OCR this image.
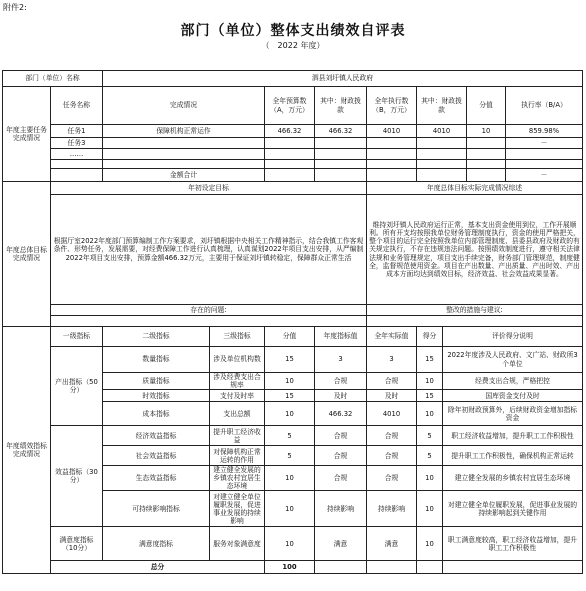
附件2:
部门（单位）整体支出绩效自评表
（　2022 年度）
部门（单位）名称		泗县刘圩镇人民政府									
年度主要任务完成情况	任务名称	完成情况		全年预算数（A，万元）	其中：财政拨款	全年执行数（B，万元）	其中：财政拨款		分值	执行率（B/A）	
	任务1	保障机构正常运作		466.32	466.32	4010	4010		10	859.98%	
	任务3									－	
	……										

		金额合计								－	
年度总体目标完成情况	年初设定目标					年度总体目标实际完成情况综述					
	根据厅室2022年度部门预算编制工作方案要求，刘圩镇根据中央相关工作精神指示，结合我镇工作客观条件、形势任务，发展需要，对经费保障工作进行认真梳理，认真谋划2022年项目支出安排，从严编制2022年项目支出安排，预算金额466.32万元，主要用于保证刘圩镇转稳定，保障群众正常生活					维持刘圩镇人民政府运行正常，基本支出资金使用到位，工作开展顺利。所有开支均按照我单位财务管理制度执行，资金的使用严格把关，整个项目的运行完全按照我单位内部管理制度、县委县政府及财政的有关规定执行，不存在违规违法问题。按照绩效制度进行，遵守相关法律法规和业务管理规定，项目支出手续完备，财务部门管理规范，制度健全，监督规范使用资金。项目在产出数量、产出质量、产出时效、产出成本方面均达到绩效目标，经济效益、社会效益成果显著。					
	存在的问题:					整改的措施与建议:					

年度绩效指标完成情况	一级指标	二级指标	三级指标	分值	年度指标值	全年实际值	得分	评价得分说明			
	产出指标（50分）	数量指标	涉及单位机构数	15	3	3	15	2022年度涉及人民政府、文广站、财政所3个单位			
		质量指标	涉及经费支出合规率	10	合规	合规	10	经费支出合规，严格把控			
		时效指标	支付及时率	15	及时	及时	15	国库资金支付及时			
		成本指标	支出总额	10	466.32	4010	10	除年初财政预算外，后续财政资金增加指标资金			
	效益指标（30分）	经济效益指标	提升职工经济收益	5	合规	合规	5	职工经济收益增加，提升职工工作积极性			
		社会效益指标	对保障机构正常运转的作用	5	合规	合规	5	提升职工工作积极性，确保机构正常运转			
		生态效益指标	建立健全发展的乡镇农村宜居生态环境	10	合规	合规	10	建立健全发展的乡镇农村宜居生态环境			
		可持续影响指标	对建立健全单位履职发展，促进事业发展的持续影响	10	持续影响	持续影响	10	对建立健全单位履职发展，促进事业发展的持续影响起到关键作用			
	满意度指标（10分）	满意度指标	服务对象满意度	10	满意	满意	10	职工满意度较高，职工经济收益增加，提升职工工作积极性			
	总分			100							
